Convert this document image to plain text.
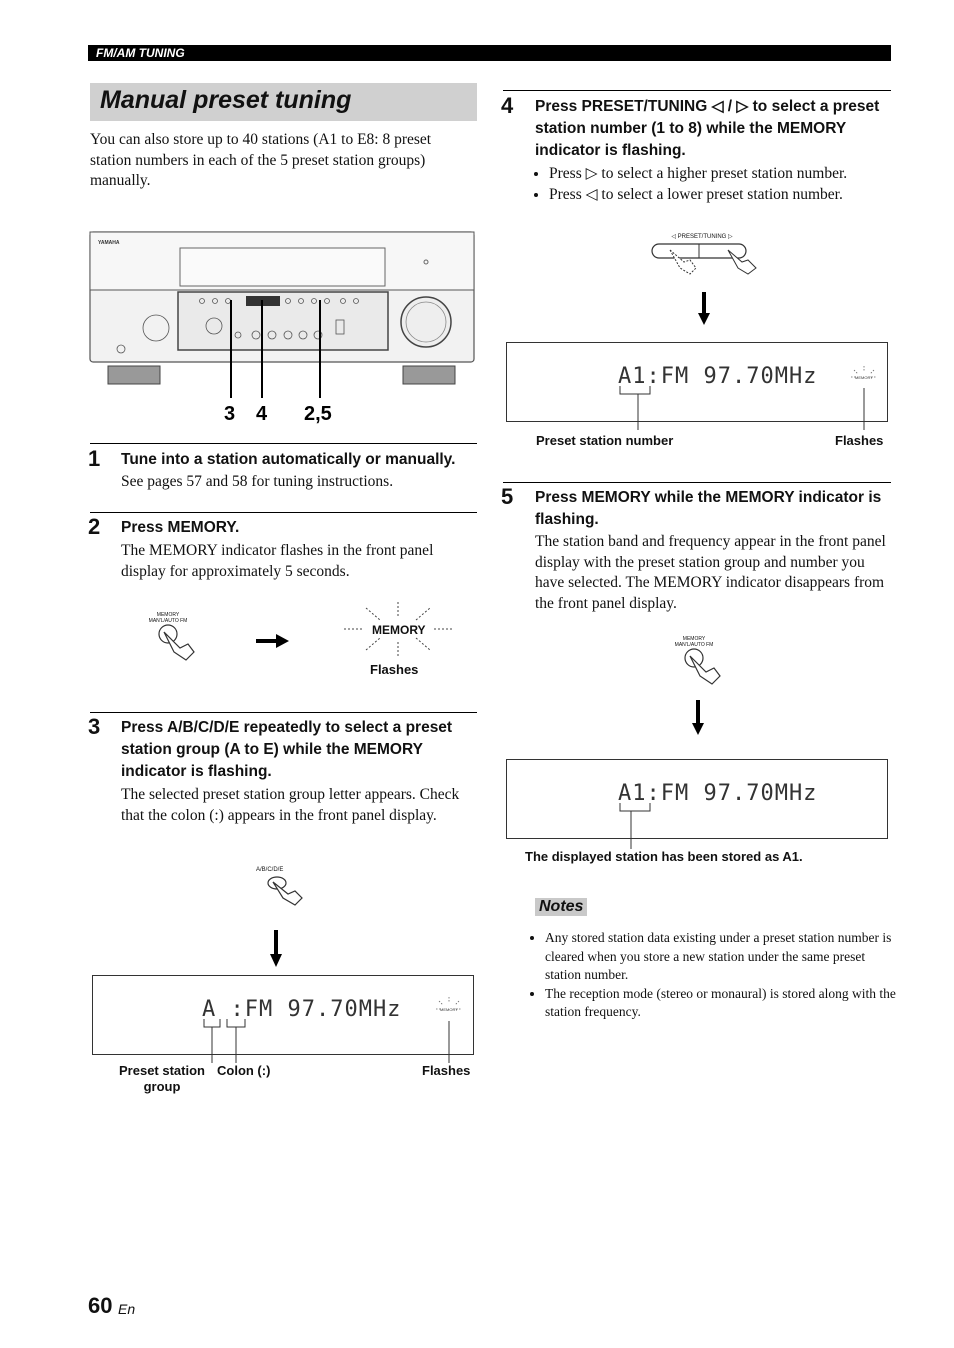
FM/AM TUNING
Manual preset tuning
You can also store up to 40 stations (A1 to E8: 8 preset station numbers in each of the 5 preset station groups) manually.
YAMAHA
3 4 2,5
1 Tune into a station automatically or manually.
See pages 57 and 58 for tuning instructions.
2 Press MEMORY.
The MEMORY indicator flashes in the front panel display for approximately 5 seconds.
MEMORY
MAN'L/AUTO FM
MEMORY
Flashes
3 Press A/B/C/D/E repeatedly to select a preset station group (A to E) while the MEMORY indicator is flashing.
The selected preset station group letter appears. Check that the colon (:) appears in the front panel display.
A/B/C/D/E
A :FM 97.70MHz	MEMORY
Preset station group
Colon (:)	Flashes
4 Press PRESET/TUNING ◁ / ▷ to select a preset station number (1 to 8) while the MEMORY indicator is flashing.
• Press ▷ to select a higher preset station number.
• Press ◁ to select a lower preset station number.
◁ PRESET/TUNING ▷
A1:FM 97.70MHz	MEMORY
Preset station number	Flashes
5 Press MEMORY while the MEMORY indicator is flashing.
The station band and frequency appear in the front panel display with the preset station group and number you have selected. The MEMORY indicator disappears from the front panel display.
MEMORY
MAN'L/AUTO FM
A1:FM 97.70MHz
The displayed station has been stored as A1.
Notes
• Any stored station data existing under a preset station number is cleared when you store a new station under the same preset station number.
• The reception mode (stereo or monaural) is stored along with the station frequency.
60 En
